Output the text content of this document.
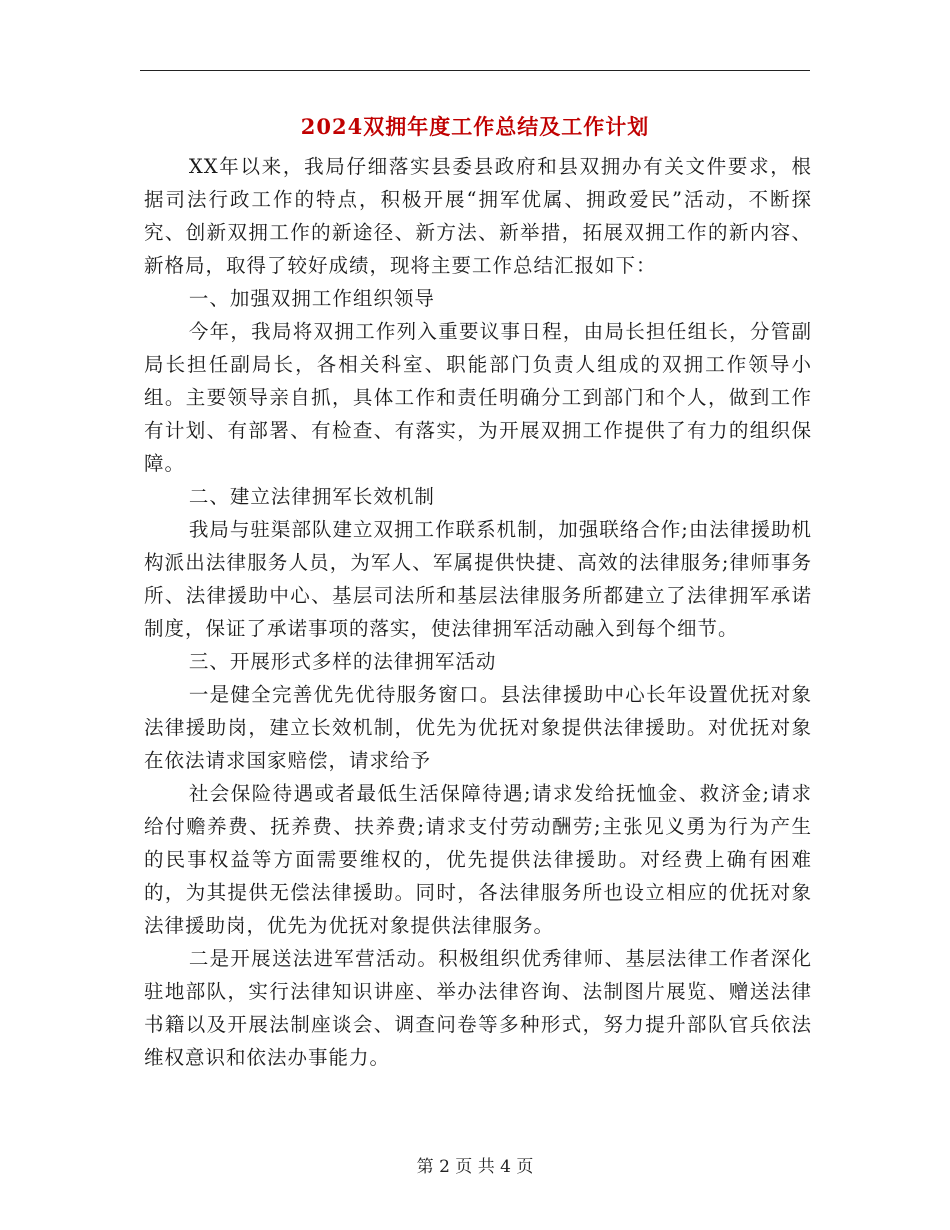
2024双拥年度工作总结及工作计划

XX年以来，我局仔细落实县委县政府和县双拥办有关文件要求，根据司法行政工作的特点，积极开展“拥军优属、拥政爱民”活动，不断探究、创新双拥工作的新途径、新方法、新举措，拓展双拥工作的新内容、新格局，取得了较好成绩，现将主要工作总结汇报如下：

一、加强双拥工作组织领导

今年，我局将双拥工作列入重要议事日程，由局长担任组长，分管副局长担任副局长，各相关科室、职能部门负责人组成的双拥工作领导小组。主要领导亲自抓，具体工作和责任明确分工到部门和个人，做到工作有计划、有部署、有检查、有落实，为开展双拥工作提供了有力的组织保障。

二、建立法律拥军长效机制

我局与驻渠部队建立双拥工作联系机制，加强联络合作;由法律援助机构派出法律服务人员，为军人、军属提供快捷、高效的法律服务;律师事务所、法律援助中心、基层司法所和基层法律服务所都建立了法律拥军承诺制度，保证了承诺事项的落实，使法律拥军活动融入到每个细节。

三、开展形式多样的法律拥军活动

一是健全完善优先优待服务窗口。县法律援助中心长年设置优抚对象法律援助岗，建立长效机制，优先为优抚对象提供法律援助。对优抚对象在依法请求国家赔偿，请求给予

社会保险待遇或者最低生活保障待遇;请求发给抚恤金、救济金;请求给付赡养费、抚养费、扶养费;请求支付劳动酬劳;主张见义勇为行为产生的民事权益等方面需要维权的，优先提供法律援助。对经费上确有困难的，为其提供无偿法律援助。同时，各法律服务所也设立相应的优抚对象法律援助岗，优先为优抚对象提供法律服务。

二是开展送法进军营活动。积极组织优秀律师、基层法律工作者深化驻地部队，实行法律知识讲座、举办法律咨询、法制图片展览、赠送法律书籍以及开展法制座谈会、调查问卷等多种形式，努力提升部队官兵依法维权意识和依法办事能力。

第 2 页 共 4 页
